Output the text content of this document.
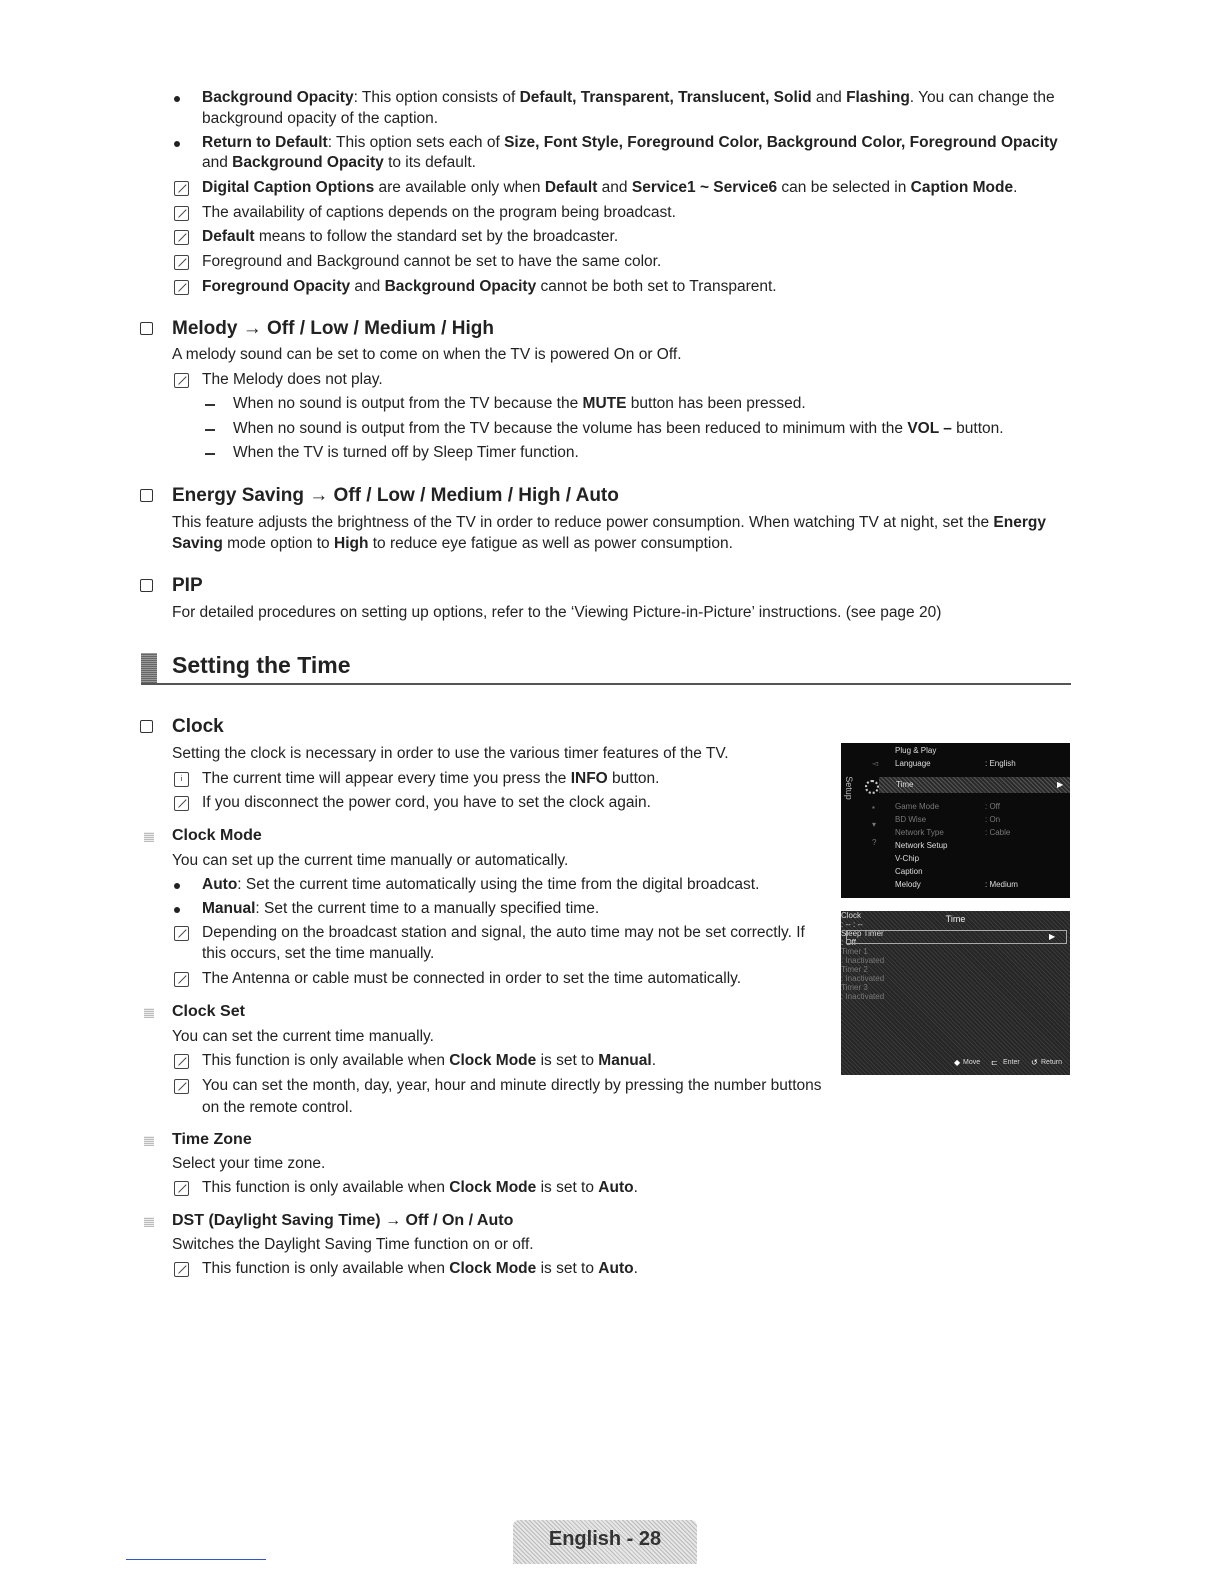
Background Opacity: This option consists of Default, Transparent, Translucent, Solid and Flashing. You can change the
background opacity of the caption.
Return to Default: This option sets each of Size, Font Style, Foreground Color, Background Color, Foreground Opacity
and Background Opacity to its default.
Digital Caption Options are available only when Default and Service1 ~ Service6 can be selected in Caption Mode.
The availability of captions depends on the program being broadcast.
Default means to follow the standard set by the broadcaster.
Foreground and Background cannot be set to have the same color.
Foreground Opacity and Background Opacity cannot be both set to Transparent.
Melody → Off / Low / Medium / High
A melody sound can be set to come on when the TV is powered On or Off.
The Melody does not play.
When no sound is output from the TV because the MUTE button has been pressed.
When no sound is output from the TV because the volume has been reduced to minimum with the VOL – button.
When the TV is turned off by Sleep Timer function.
Energy Saving → Off / Low / Medium / High / Auto
This feature adjusts the brightness of the TV in order to reduce power consumption. When watching TV at night, set the Energy
Saving mode option to High to reduce eye fatigue as well as power consumption.
PIP
For detailed procedures on setting up options, refer to the ‘Viewing Picture-in-Picture’ instructions. (see page 20)
Setting the Time
Clock
Setting the clock is necessary in order to use the various timer features of the TV.
i	The current time will appear every time you press the INFO button.
If you disconnect the power cord, you have to set the clock again.
Clock Mode
You can set up the current time manually or automatically.
Auto: Set the current time automatically using the time from the digital broadcast.
Manual: Set the current time to a manually specified time.
Depending on the broadcast station and signal, the auto time may not be set correctly. If
this occurs, set the time manually.
The Antenna or cable must be connected in order to set the time automatically.
Clock Set
You can set the current time manually.
This function is only available when Clock Mode is set to Manual.
You can set the month, day, year, hour and minute directly by pressing the number buttons
on the remote control.
Time Zone
Select your time zone.
This function is only available when Clock Mode is set to Auto.
DST (Daylight Saving Time) → Off / On / Auto
Switches the Daylight Saving Time function on or off.
This function is only available when Clock Mode is set to Auto.
Setup
◅
▪
▾
?
▶
Plug & Play
Language	: English
Time
Game Mode	: Off
BD Wise	: On
Network Type	: Cable
Network Setup
V-Chip
Caption
Melody	: Medium
Time
▶
Clock
: -- : --
Sleep Timer
: Off
Timer 1
: Inactivated
Timer 2
: Inactivated
Timer 3
: Inactivated
◆ Move ⊏ Enter ↺ Return
English - 28
